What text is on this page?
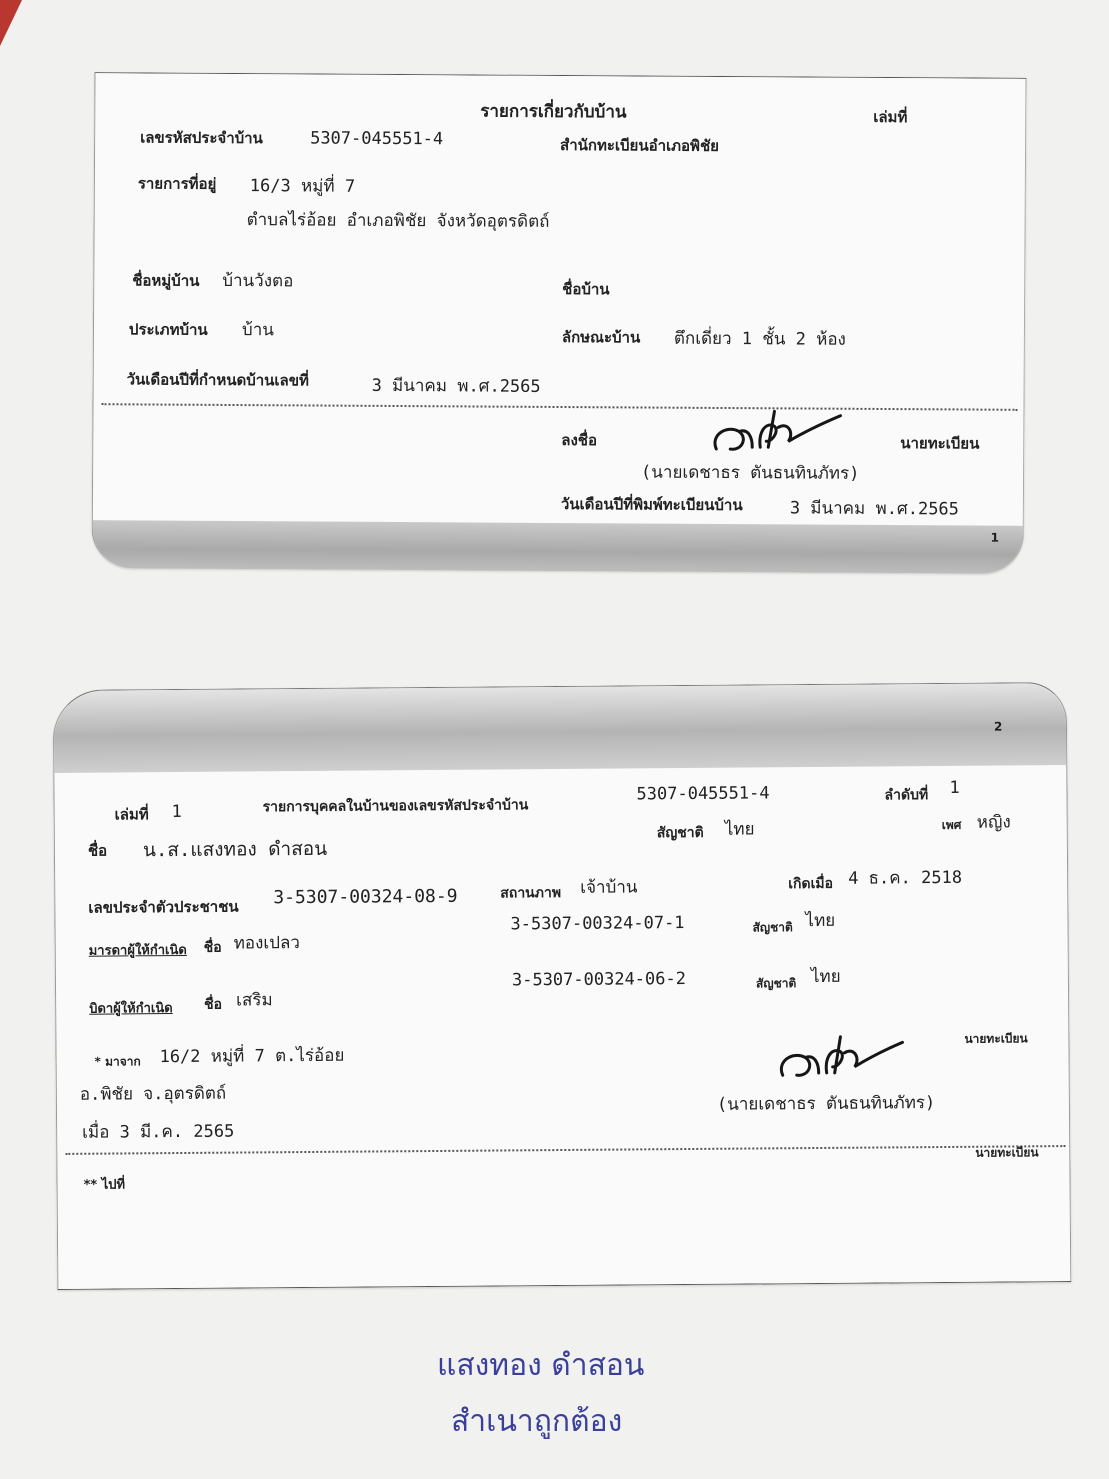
รายการเกี่ยวกับบ้าน	เล่มที่
เลขรหัสประจำบ้าน	5307-045551-4	สำนักทะเบียนอำเภอพิชัย
รายการที่อยู่ 16/3 หมู่ที่ 7
ตำบลไร่อ้อย อำเภอพิชัย จังหวัดอุตรดิตถ์
ชื่อหมู่บ้าน บ้านวังตอ	ชื่อบ้าน
ประเภทบ้าน บ้าน	ลักษณะบ้าน ตึกเดี่ยว 1 ชั้น 2 ห้อง
วันเดือนปีที่กำหนดบ้านเลขที่	3 มีนาคม พ.ศ.2565
ลงชื่อ	นายทะเบียน
(นายเดชาธร ตันธนทินภัทร)
วันเดือนปีที่พิมพ์ทะเบียนบ้าน	3 มีนาคม พ.ศ.2565
1
2
เล่มที่ 1	รายการบุคคลในบ้านของเลขรหัสประจำบ้าน
5307-045551-4	ลำดับที่ 1
ชื่อ น.ส.แสงทอง ดำสอน
สัญชาติ ไทย	เพศ หญิง
เลขประจำตัวประชาชน 3-5307-00324-08-9	สถานภาพ เจ้าบ้าน	เกิดเมื่อ 4 ธ.ค. 2518
มารดาผู้ให้กำเนิด ชื่อ ทองเปลว
3-5307-00324-07-1	สัญชาติ ไทย
บิดาผู้ให้กำเนิด ชื่อ เสริม
3-5307-00324-06-2	สัญชาติ ไทย
* มาจาก 16/2 หมู่ที่ 7 ต.ไร่อ้อย
อ.พิชัย จ.อุตรดิตถ์
เมื่อ 3 มี.ค. 2565
นายทะเบียน
(นายเดชาธร ตันธนทินภัทร)
นายทะเบียน
** ไปที่
แสงทอง ดำสอน
สำเนาถูกต้อง
